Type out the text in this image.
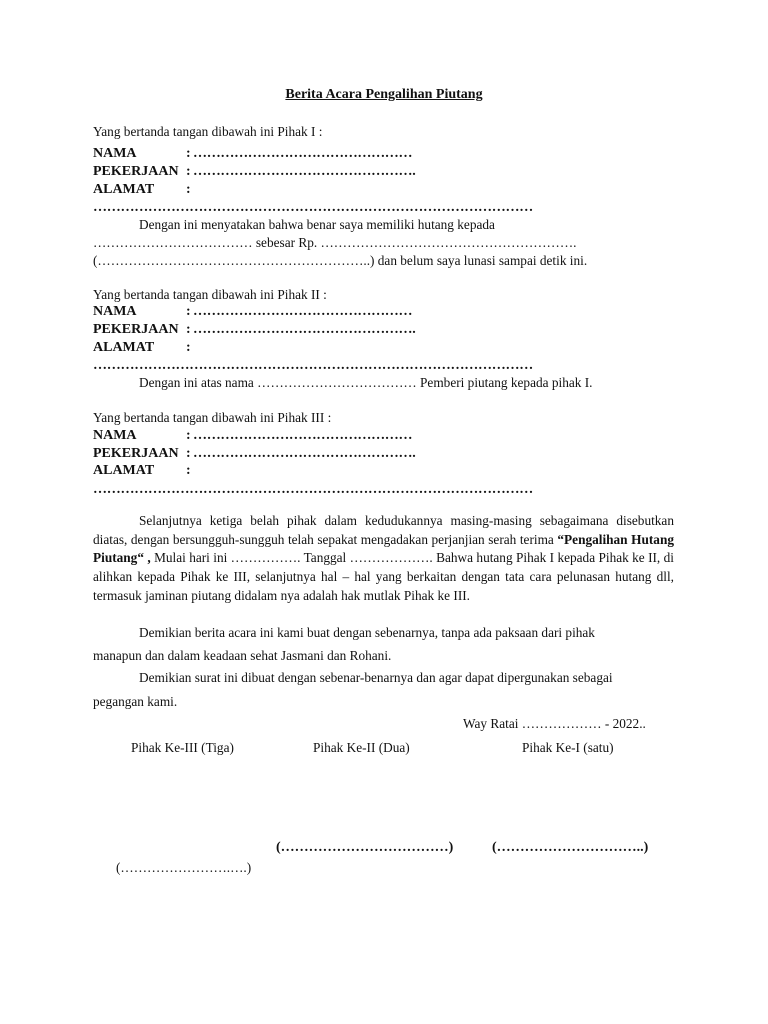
Berita Acara Pengalihan Piutang
Yang bertanda tangan dibawah ini Pihak I :
NAMA	: …………………………………………
PEKERJAAN : ………………………………………….
ALAMAT :
……………………………………………………………………………………
Dengan ini menyatakan bahwa benar saya memiliki hutang kepada
……………………………… sebesar Rp. ………………………………………………….
(……………………………………………………..) dan belum saya lunasi sampai detik ini.
Yang bertanda tangan dibawah ini Pihak II :
NAMA	: …………………………………………
PEKERJAAN : ………………………………………….
ALAMAT :
……………………………………………………………………………………
Dengan ini atas nama ……………………………… Pemberi piutang kepada pihak I.
Yang bertanda tangan dibawah ini Pihak III :
NAMA	: …………………………………………
PEKERJAAN : ………………………………………….
ALAMAT :
……………………………………………………………………………………
Selanjutnya ketiga belah pihak dalam kedudukannya masing-masing sebagaimana disebutkan diatas, dengan bersungguh-sungguh telah sepakat mengadakan perjanjian serah terima “Pengalihan Hutang Piutang“ , Mulai hari ini ……………. Tanggal ………………. Bahwa hutang Pihak I kepada Pihak ke II, di alihkan kepada Pihak ke III, selanjutnya hal – hal yang berkaitan dengan tata cara pelunasan hutang dll, termasuk jaminan piutang didalam nya adalah hak mutlak Pihak ke III.
Demikian berita acara ini kami buat dengan sebenarnya, tanpa ada paksaan dari pihak
manapun dan dalam keadaan sehat Jasmani dan Rohani.
Demikian surat ini dibuat dengan sebenar-benarnya dan agar dapat dipergunakan sebagai
pegangan kami.
Way Ratai ……………… - 2022..
Pihak Ke-III (Tiga)	Pihak Ke-II (Dua)	Pihak Ke-I (satu)
(………………………………)	(…………………………..)
(…………………….….)
